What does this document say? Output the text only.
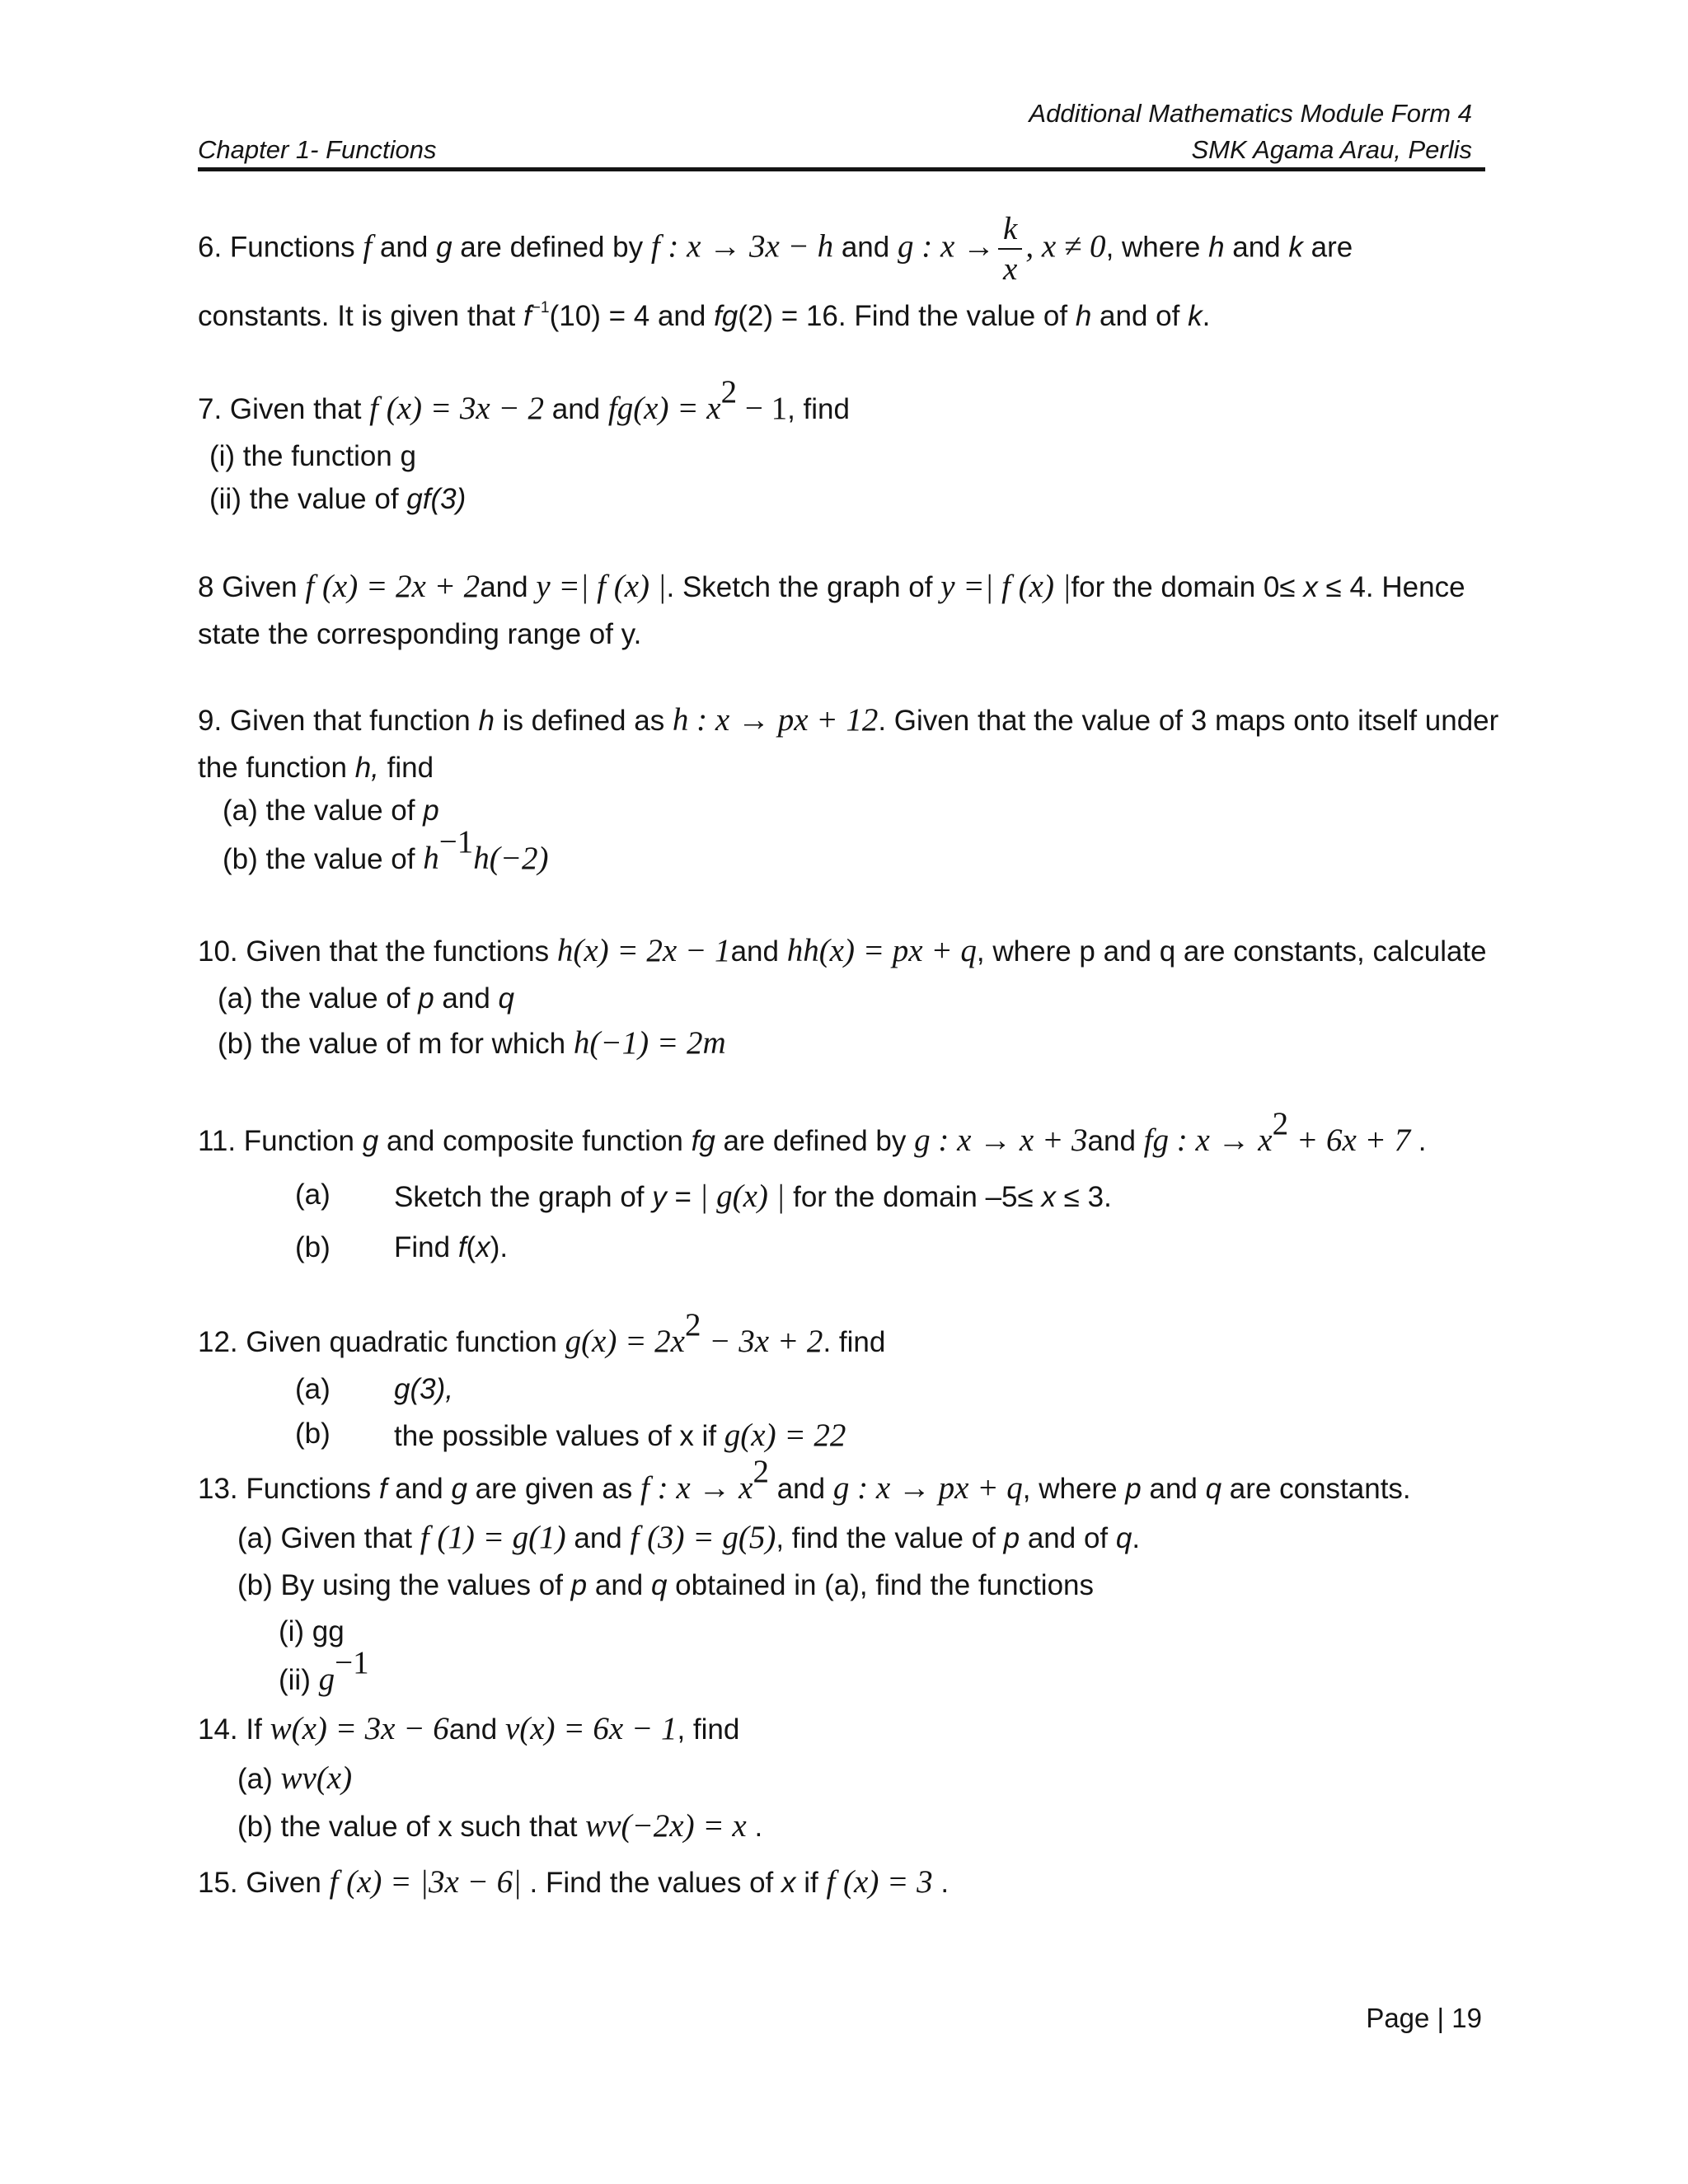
Additional Mathematics Module Form 4
Chapter 1- Functions	SMK Agama Arau, Perlis
6. Functions f and g are defined by f : x → 3x − h and g : $x \to \frac{k}{x}$ , x ≠ 0, where h and k are
constants. It is given that $f^{-1}(10) = 4$ and fg(2) = 16. Find the value of h and of k.
7. Given that f (x) = 3x − 2 and $fg(x) = x^2 - 1$, find
(i) the function g
(ii) the value of gf(3)
8 Given f (x) = 2x + 2and y =| f (x) |. Sketch the graph of y =| f (x) |for the domain 0≤ x ≤ 4. Hence
state the corresponding range of y.
9. Given that function h is defined as h : x → px + 12. Given that the value of 3 maps onto itself under
the function h, find
(a) the value of p
(b) the value of $h^{-1}h(-2)$
10. Given that the functions h(x) = 2x − 1and hh(x) = px + q, where p and q are constants, calculate
(a) the value of p and q
(b) the value of m for which h(−1) = 2m
11. Function g and composite function fg are defined by g : x → x + 3and fg : $x \to x^2 + 6x + 7$ .
(a) Sketch the graph of y = | g(x) | for the domain –5≤ x ≤ 3.
(b) Find f(x).
12. Given quadratic function $g(x) = 2x^2 - 3x + 2$. find
(a) g(3),
(b) the possible values of x if g(x) = 22
13. Functions f and g are given as f : $x \to x^2$ and g : x → px + q, where p and q are constants.
(a) Given that f (1) = g(1) and f (3) = g(5), find the value of p and of q.
(b) By using the values of p and q obtained in (a), find the functions
(i) gg
(ii) $g^{-1}$
14. If w(x) = 3x − 6and v(x) = 6x − 1, find
(a) wv(x)
(b) the value of x such that wv(−2x) = x .
15. Given f (x) = |3x − 6| . Find the values of x if f (x) = 3 .
Page | 19
